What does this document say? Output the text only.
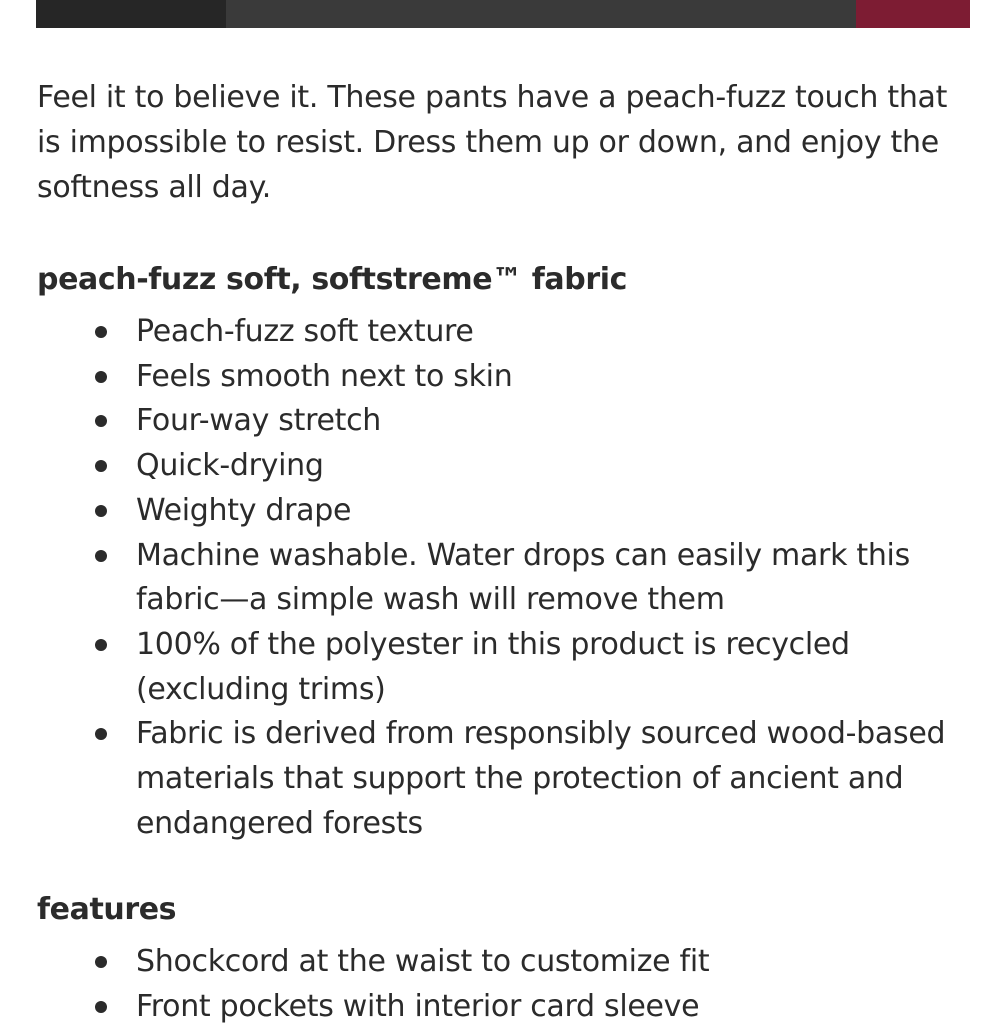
Feel it to believe it. These pants have a peach-fuzz touch that is impossible to resist. Dress them up or down, and enjoy the softness all day.

peach-fuzz soft, softstreme™ fabric
Peach-fuzz soft texture
Feels smooth next to skin
Four-way stretch
Quick-drying
Weighty drape
Machine washable. Water drops can easily mark this fabric—a simple wash will remove them
100% of the polyester in this product is recycled (excluding trims)
Fabric is derived from responsibly sourced wood-based materials that support the protection of ancient and endangered forests
features
Shockcord at the waist to customize fit
Front pockets with interior card sleeve
